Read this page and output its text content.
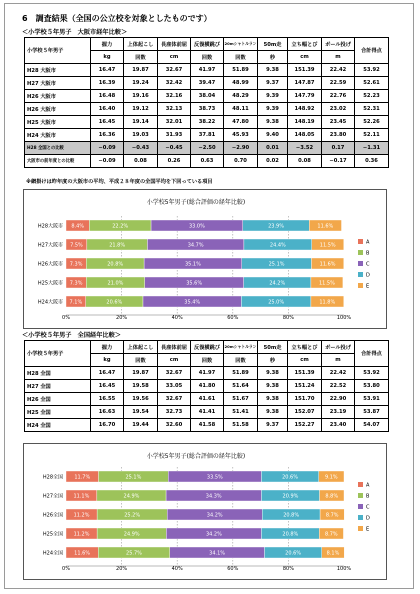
6　調査結果（全国の公立校を対象としたものです）
＜小学校５年男子　大阪市経年比較＞
小学校５年男子	握力	上体起こし	長座体前屈	反復横跳び	20mシャトルラン	50m走	立ち幅とび	ボール投げ	合計得点
	kg	回数	cm	回数	回数	秒	cm	m	
H28 大阪市	16.47	19.87	32.67	41.97	51.89	9.38	151.39	22.42	53.92
H27 大阪市	16.39	19.24	32.42	39.47	48.99	9.37	147.87	22.59	52.61
H26 大阪市	16.48	19.16	32.16	38.04	48.29	9.39	147.79	22.76	52.23
H26 大阪市	16.40	19.12	32.13	38.73	48.11	9.39	148.92	23.02	52.31
H25 大阪市	16.45	19.14	32.01	38.22	47.80	9.38	148.19	23.45	52.26
H24 大阪市	16.36	19.03	31.93	37.81	45.93	9.40	148.05	23.80	52.11
H28 全国との比較	−0.09	−0.43	−0.45	−2.50	−2.90	0.01	−3.52	0.17	−1.31
大阪市の前年度との比較	−0.09	0.08	0.26	0.63	0.70	0.02	0.08	−0.17	0.36
※網掛けは昨年度の大阪市の平均、平成２８年度の全国平均を下回っている項目
小学校5年男子(総合評価の経年比較)
H28大阪市 8.4%	22.2%	33.0%	23.9%	11.6%
H27大阪市 7.5%	21.8%	34.7%	24.4%	11.5%
H26大阪市 7.3%	20.8%	35.1%	25.1%	11.6%
H25大阪市 7.3%	21.0%	35.6%	24.2%	11.5%
H24大阪市 7.1%	20.6%	35.4%	25.0%	11.8%
0%	20%	40%	60%	80%	100%
A
B
C
D
E
＜小学校５年男子　全国経年比較＞
小学校５年男子	握力	上体起こし	長座体前屈	反復横跳び	20mシャトルラン	50m走	立ち幅とび	ボール投げ	合計得点
	kg	回数	cm	回数	回数	秒	cm	m	
H28 全国	16.47	19.87	32.67	41.97	51.89	9.38	151.39	22.42	53.92
H27 全国	16.45	19.58	33.05	41.80	51.64	9.38	151.24	22.52	53.80
H26 全国	16.55	19.56	32.67	41.61	51.67	9.38	151.70	22.90	53.91
H25 全国	16.63	19.54	32.73	41.41	51.41	9.38	152.07	23.19	53.87
H24 全国	16.70	19.44	32.60	41.58	51.58	9.37	152.27	23.40	54.07
小学校5年男子(総合評価の経年比較)
H28全国 11.7%	25.1%	33.5%	20.6%	9.1%
H27全国 11.1%	24.9%	34.3%	20.9%	8.8%
H26全国 11.2%	25.2%	34.2%	20.8%	8.7%
H25全国 11.2%	24.9%	34.2%	20.8%	8.7%
H24全国 11.6%	25.7%	34.1%	20.6%	8.1%
0%	20%	40%	60%	80%	100%
A
B
C
D
E
